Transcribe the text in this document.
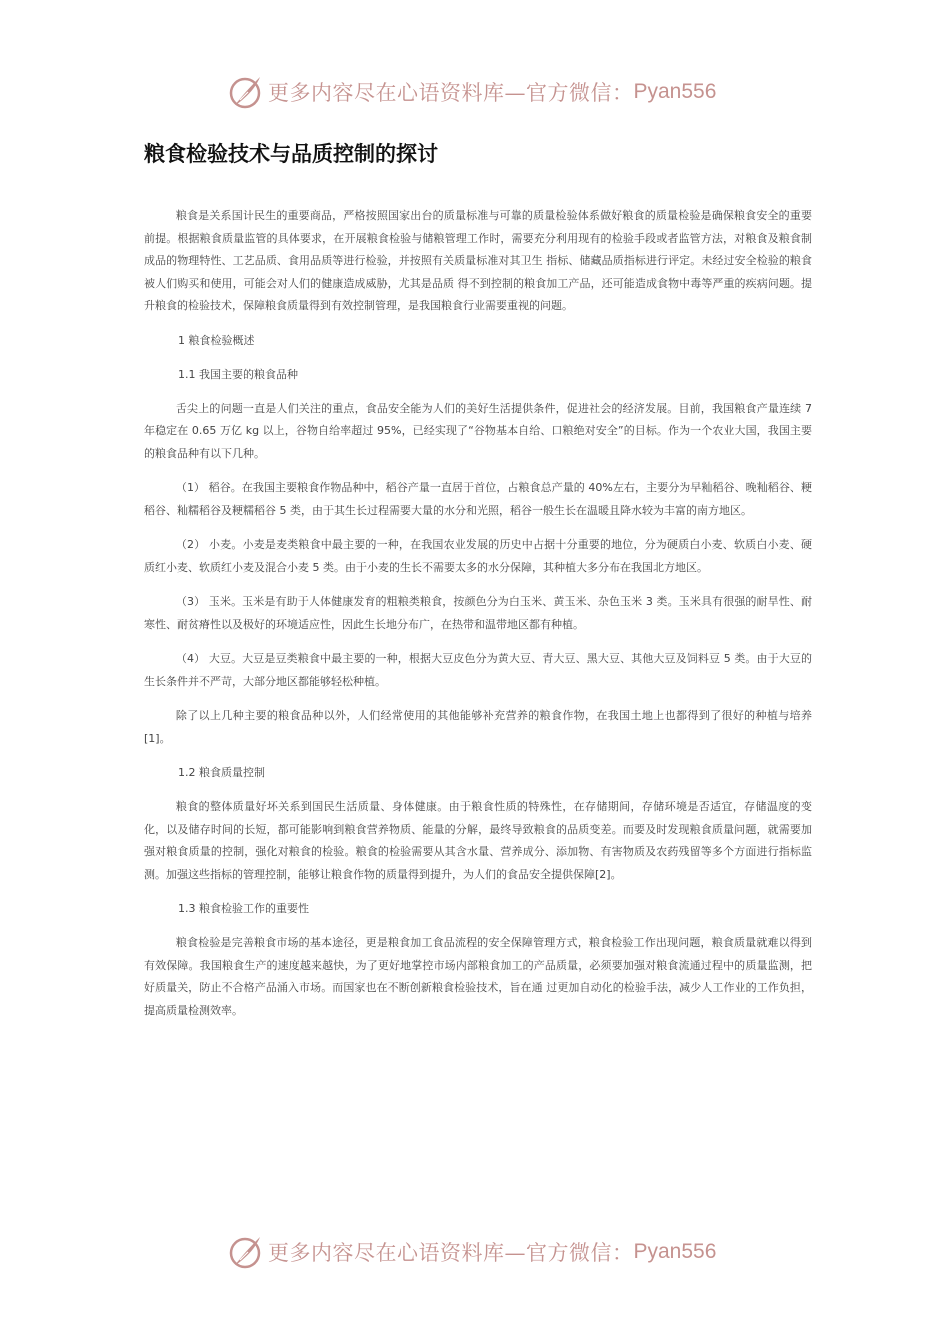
更多内容尽在心语资料库—官方微信： Pyan556
粮食检验技术与品质控制的探讨

粮食是关系国计民生的重要商品，严格按照国家出台的质量标准与可靠的质量检验体系做好粮食的质量检验是确保粮食安全的重要前提。根据粮食质量监管的具体要求，在开展粮食检验与储粮管理工作时，需要充分利用现有的检验手段或者监管方法，对粮食及粮食制成品的物理特性、工艺品质、食用品质等进行检验，并按照有关质量标准对其卫生 指标、储藏品质指标进行评定。未经过安全检验的粮食被人们购买和使用，可能会对人们的健康造成威胁，尤其是品质 得不到控制的粮食加工产品，还可能造成食物中毒等严重的疾病问题。提升粮食的检验技术，保障粮食质量得到有效控制管理，是我国粮食行业需要重视的问题。

1 粮食检验概述
1.1 我国主要的粮食品种

舌尖上的问题一直是人们关注的重点，食品安全能为人们的美好生活提供条件，促进社会的经济发展。目前，我国粮食产量连续 7 年稳定在 0.65 万亿 kg 以上，谷物自给率超过 95%，已经实现了“谷物基本自给、口粮绝对安全”的目标。作为一个农业大国，我国主要的粮食品种有以下几种。

（1） 稻谷。在我国主要粮食作物品种中，稻谷产量一直居于首位，占粮食总产量的 40%左右，主要分为早籼稻谷、晚籼稻谷、粳稻谷、籼糯稻谷及粳糯稻谷 5 类，由于其生长过程需要大量的水分和光照，稻谷一般生长在温暖且降水较为丰富的南方地区。

（2） 小麦。小麦是麦类粮食中最主要的一种，在我国农业发展的历史中占据十分重要的地位，分为硬质白小麦、软质白小麦、硬质红小麦、软质红小麦及混合小麦 5 类。由于小麦的生长不需要太多的水分保障，其种植大多分布在我国北方地区。

（3） 玉米。玉米是有助于人体健康发育的粗粮类粮食，按颜色分为白玉米、黄玉米、杂色玉米 3 类。玉米具有很强的耐旱性、耐寒性、耐贫瘠性以及极好的环境适应性，因此生长地分布广，在热带和温带地区都有种植。

（4） 大豆。大豆是豆类粮食中最主要的一种，根据大豆皮色分为黄大豆、青大豆、黑大豆、其他大豆及饲料豆 5 类。由于大豆的生长条件并不严苛，大部分地区都能够轻松种植。

除了以上几种主要的粮食品种以外，人们经常使用的其他能够补充营养的粮食作物，在我国土地上也都得到了很好的种植与培养[1]。

1.2 粮食质量控制

粮食的整体质量好坏关系到国民生活质量、身体健康。由于粮食性质的特殊性，在存储期间，存储环境是否适宜，存储温度的变化，以及储存时间的长短，都可能影响到粮食营养物质、能量的分解，最终导致粮食的品质变差。而要及时发现粮食质量问题，就需要加强对粮食质量的控制，强化对粮食的检验。粮食的检验需要从其含水量、营养成分、添加物、有害物质及农药残留等多个方面进行指标监测。加强这些指标的管理控制，能够让粮食作物的质量得到提升，为人们的食品安全提供保障[2]。

1.3 粮食检验工作的重要性

粮食检验是完善粮食市场的基本途径，更是粮食加工食品流程的安全保障管理方式，粮食检验工作出现问题，粮食质量就难以得到有效保障。我国粮食生产的速度越来越快，为了更好地掌控市场内部粮食加工的产品质量，必须要加强对粮食流通过程中的质量监测，把好质量关，防止不合格产品涌入市场。而国家也在不断创新粮食检验技术，旨在通 过更加自动化的检验手法，减少人工作业的工作负担，提高质量检测效率。

更多内容尽在心语资料库—官方微信： Pyan556
